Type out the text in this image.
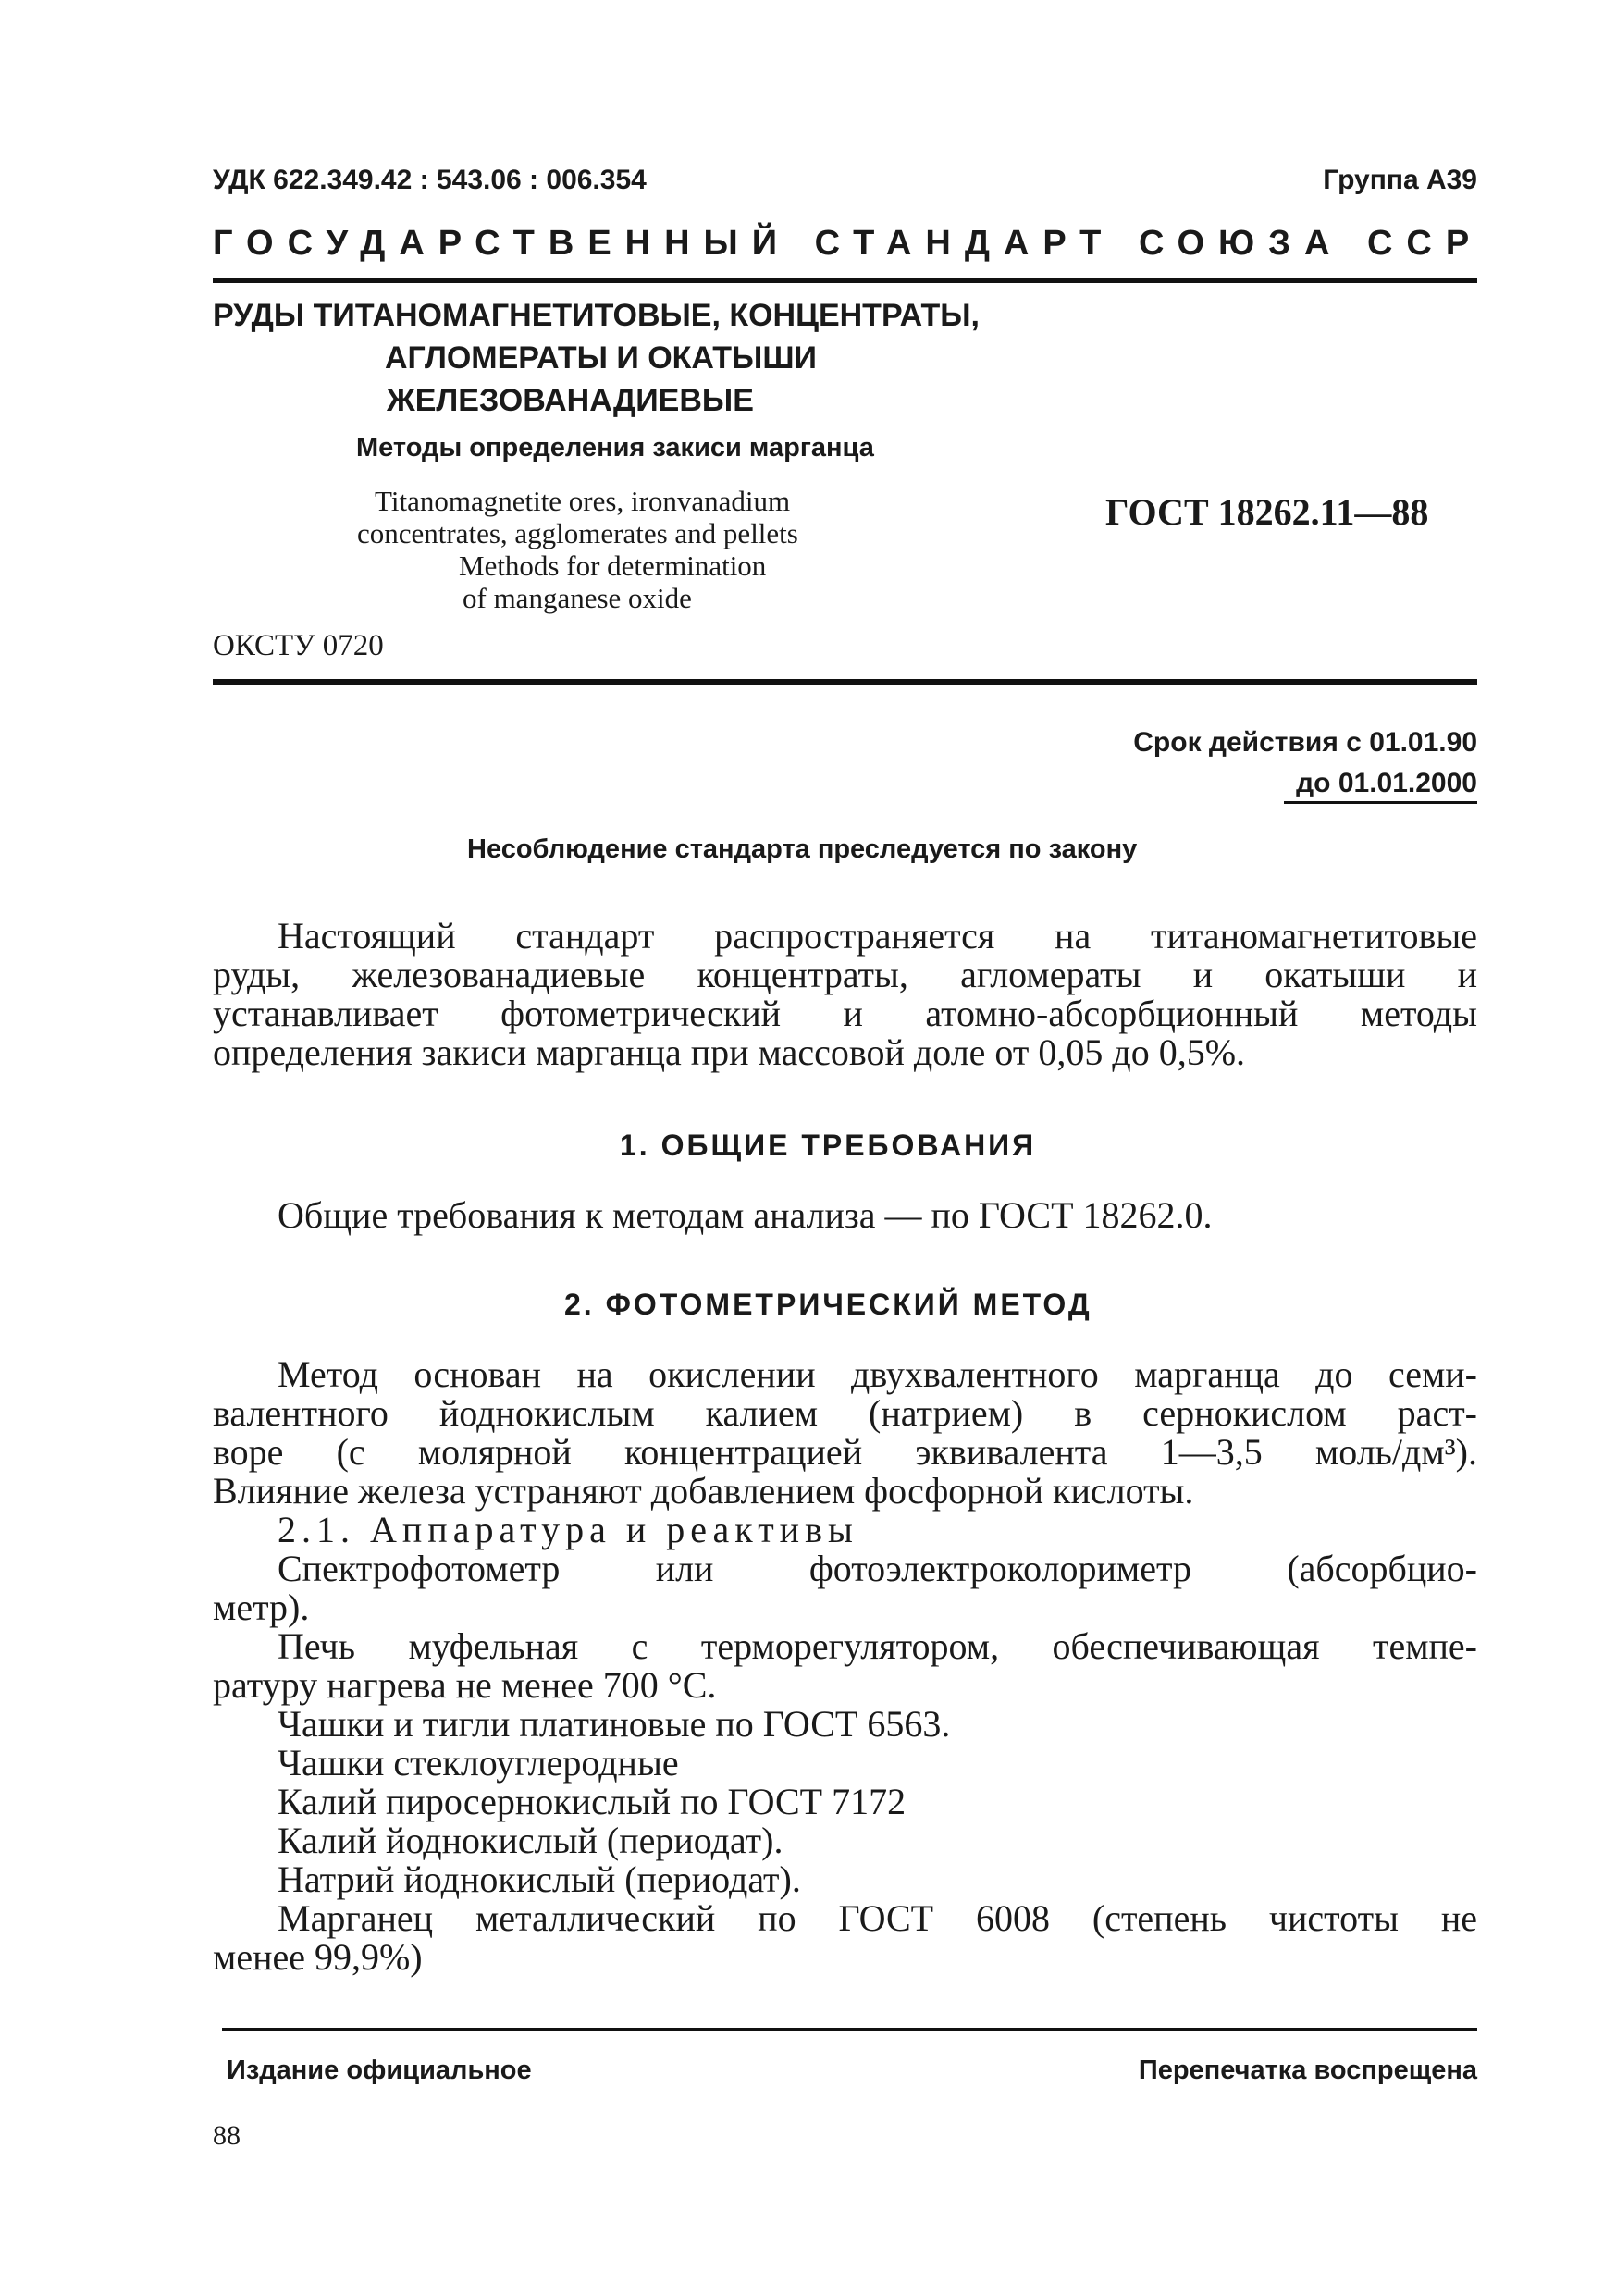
УДК 622.349.42 : 543.06 : 006.354	Группа А39
ГОСУДАРСТВЕННЫЙ СТАНДАРТ СОЮЗА ССР
РУДЫ ТИТАНОМАГНЕТИТОВЫЕ, КОНЦЕНТРАТЫ,
АГЛОМЕРАТЫ И ОКАТЫШИ
ЖЕЛЕЗОВАНАДИЕВЫЕ
Методы определения закиси марганца
Titanomagnetite ores, ironvanadium
concentrates, agglomerates and pellets
Methods for determination
of manganese oxide
ГОСТ 18262.11—88
ОКСТУ 0720
Срок действия с 01.01.90
до 01.01.2000
Несоблюдение стандарта преследуется по закону
Настоящий стандарт распространяется на титаномагнетитовые
руды, железованадиевые концентраты, агломераты и окатыши и
устанавливает фотометрический и атомно-абсорбционный методы
определения закиси марганца при массовой доле от 0,05 до 0,5%.
1. ОБЩИЕ ТРЕБОВАНИЯ
Общие требования к методам анализа — по ГОСТ 18262.0.
2. ФОТОМЕТРИЧЕСКИЙ МЕТОД
Метод основан на окислении двухвалентного марганца до семи-
валентного йоднокислым калием (натрием) в сернокислом раст-
воре (с молярной концентрацией эквивалента 1—3,5 моль/дм³).
Влияние железа устраняют добавлением фосфорной кислоты.
2.1. Аппаратура и реактивы
Спектрофотометр или фотоэлектроколориметр (абсорбцио-
метр).
Печь муфельная с терморегулятором, обеспечивающая темпе-
ратуру нагрева не менее 700 °С.
Чашки и тигли платиновые по ГОСТ 6563.
Чашки стеклоуглеродные
Калий пиросернокислый по ГОСТ 7172
Калий йоднокислый (периодат).
Натрий йоднокислый (периодат).
Марганец металлический по ГОСТ 6008 (степень чистоты не
менее 99,9%)
Издание официальное	Перепечатка воспрещена
88
